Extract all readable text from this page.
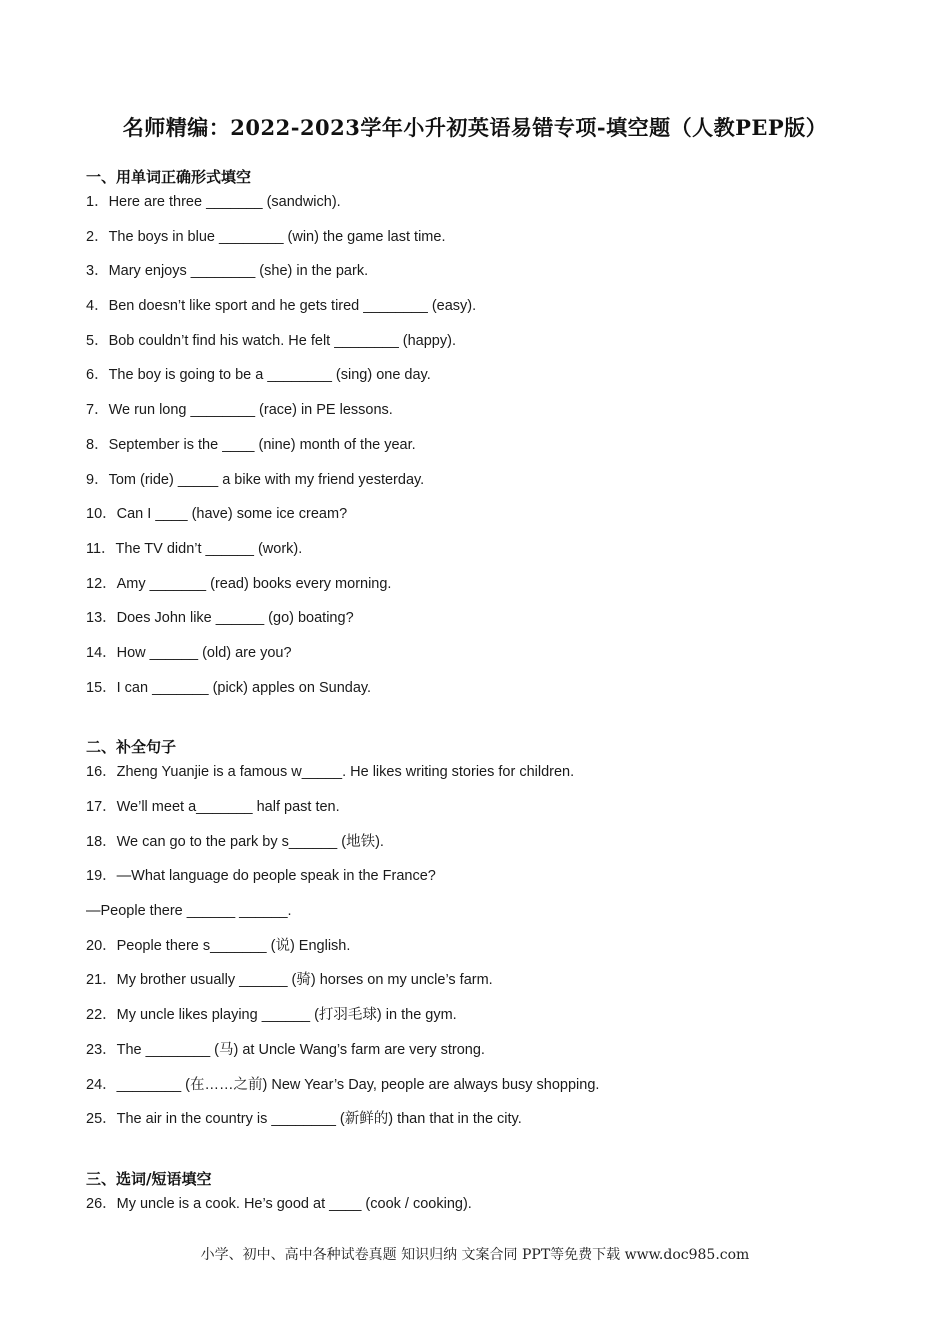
名师精编：2022-2023学年小升初英语易错专项-填空题（人教PEP版）
一、用单词正确形式填空
1．Here are three _______ (sandwich).
2．The boys in blue ________ (win) the game last time.
3．Mary enjoys ________ (she) in the park.
4．Ben doesn’t like sport and he gets tired ________ (easy).
5．Bob couldn’t find his watch. He felt ________ (happy).
6．The boy is going to be a ________ (sing) one day.
7．We run long ________ (race) in PE lessons.
8．September is the ____ (nine) month of the year.
9．Tom (ride) _____ a bike with my friend yesterday.
10．Can I ____ (have) some ice cream?
11．The TV didn’t ______ (work).
12．Amy _______ (read) books every morning.
13．Does John like ______ (go) boating?
14．How ______ (old) are you?
15．I can _______ (pick) apples on Sunday.
二、补全句子
16．Zheng Yuanjie is a famous w_____. He likes writing stories for children.
17．We’ll meet a_______ half past ten.
18．We can go to the park by s______ (地铁).
19．—What language do people speak in the France?
—People there ______ ______.
20．People there s_______ (说) English.
21．My brother usually ______ (骑) horses on my uncle’s farm.
22．My uncle likes playing ______ (打羽毛球) in the gym.
23．The ________ (马) at Uncle Wang’s farm are very strong.
24．________ (在……之前) New Year’s Day, people are always busy shopping.
25．The air in the country is ________ (新鲜的) than that in the city.
三、选词/短语填空
26．My uncle is a cook. He’s good at ____ (cook / cooking).
小学、初中、高中各种试卷真题 知识归纳 文案合同 PPT等免费下载 www.doc985.com
